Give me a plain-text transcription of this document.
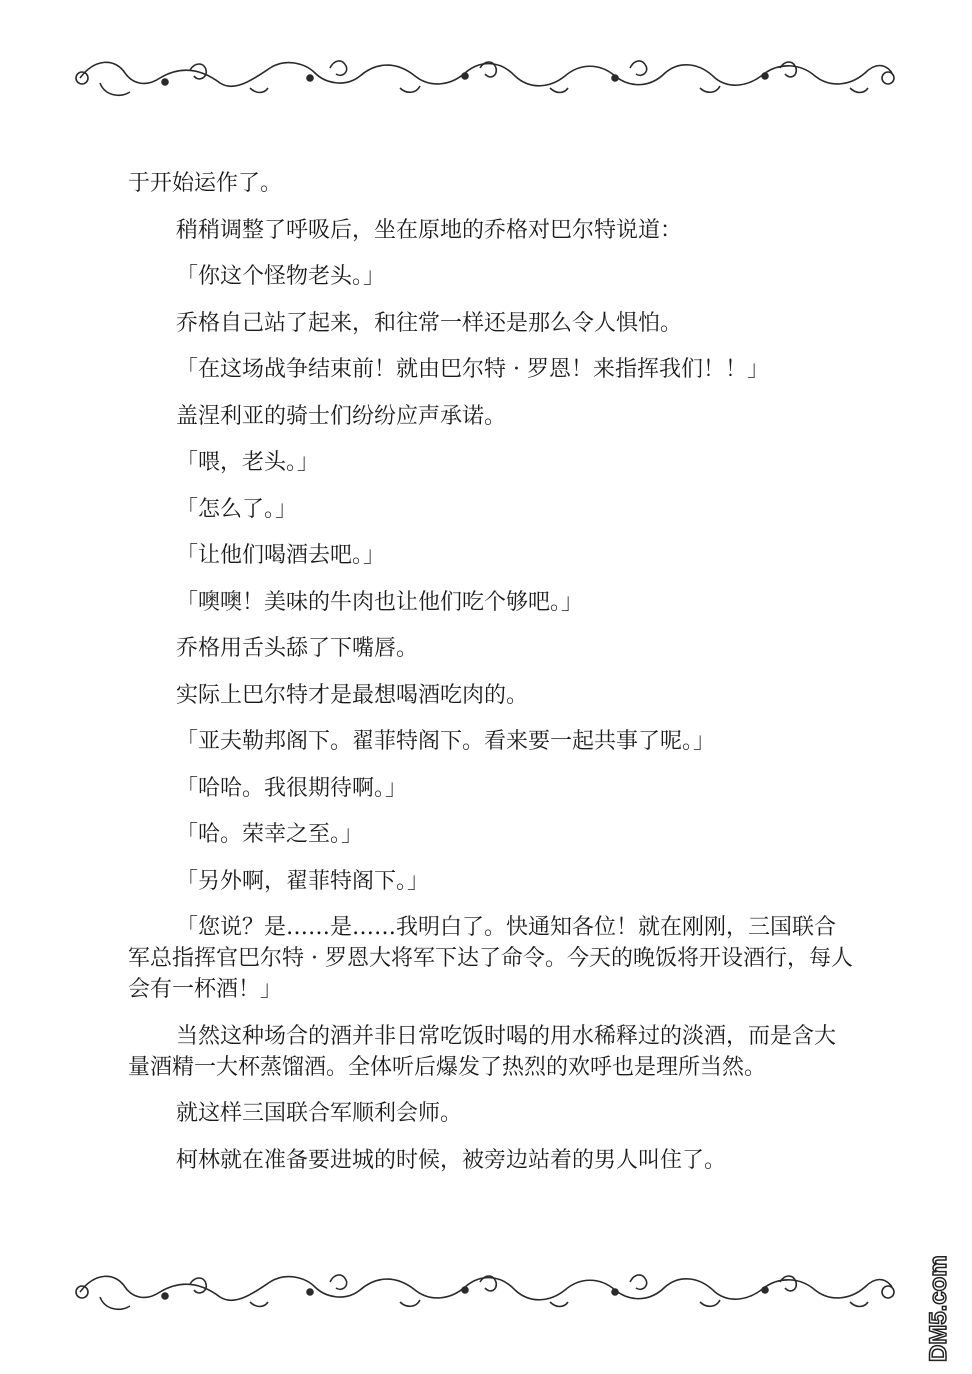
于开始运作了。

稍稍调整了呼吸后，坐在原地的乔格对巴尔特说道：

「你这个怪物老头。」

乔格自己站了起来，和往常一样还是那么令人惧怕。

「在这场战争结束前！就由巴尔特 · 罗恩！来指挥我们！！」

盖涅利亚的骑士们纷纷应声承诺。

「喂，老头。」

「怎么了。」

「让他们喝酒去吧。」

「噢噢！美味的牛肉也让他们吃个够吧。」

乔格用舌头舔了下嘴唇。

实际上巴尔特才是最想喝酒吃肉的。

「亚夫勒邦阁下。翟菲特阁下。看来要一起共事了呢。」

「哈哈。我很期待啊。」

「哈。荣幸之至。」

「另外啊，翟菲特阁下。」

「您说？是……是……我明白了。快通知各位！就在刚刚，三国联合军总指挥官巴尔特 · 罗恩大将军下达了命令。今天的晚饭将开设酒行，每人会有一杯酒！」

当然这种场合的酒并非日常吃饭时喝的用水稀释过的淡酒，而是含大量酒精一大杯蒸馏酒。全体听后爆发了热烈的欢呼也是理所当然。

就这样三国联合军顺利会师。

柯林就在准备要进城的时候，被旁边站着的男人叫住了。

DM5.com
